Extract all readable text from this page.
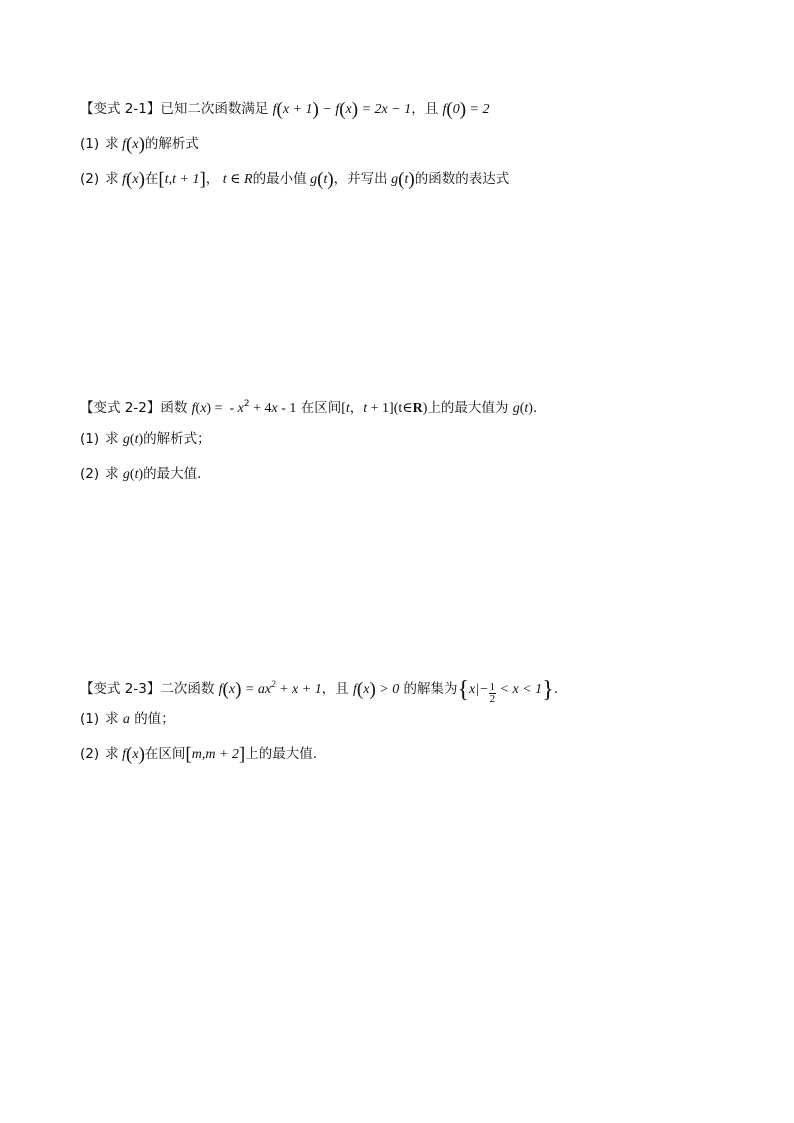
【变式 2-1】已知二次函数满足 f(x + 1) − f(x) = 2x − 1，且 f(0) = 2
(1) 求 f(x)的解析式
(2) 求 f(x)在[t,t + 1]， t ∈ R的最小值 g(t)，并写出 g(t)的函数的表达式
【变式 2-2】函数 f(x) =  - $x^2 + 4x - 1$ 在区间[t，t + 1](t∈R)上的最大值为 g(t)．
(1) 求 g(t)的解析式；
(2) 求 g(t)的最大值．
【变式 2-3】二次函数 $f(x) = ax^2 + x + 1$，且 f(x) > 0 的解集为$\{x|- \frac{1}{2} < x < 1\}$.
(1) 求 a 的值；
(2) 求 f(x)在区间[m,m + 2]上的最大值.
